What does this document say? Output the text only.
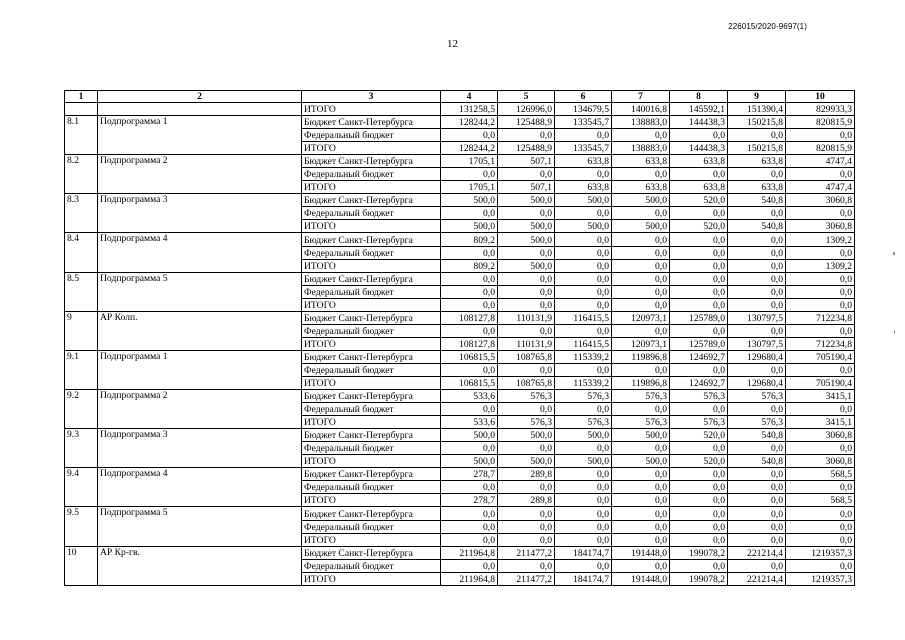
226015/2020-9697(1)
12
1	2	3	4	5	6	7	8	9	10
		ИТОГО	131258,5	126996,0	134679,5	140016,8	145592,1	151390,4	829933,3
8.1	Подпрограмма 1	Бюджет Санкт-Петербурга	128244,2	125488,9	133545,7	138883,0	144438,3	150215,8	820815,9
		Федеральный бюджет	0,0	0,0	0,0	0,0	0,0	0,0	0,0
		ИТОГО	128244,2	125488,9	133545,7	138883,0	144438,3	150215,8	820815,9
8.2	Подпрограмма 2	Бюджет Санкт-Петербурга	1705,1	507,1	633,8	633,8	633,8	633,8	4747,4
		Федеральный бюджет	0,0	0,0	0,0	0,0	0,0	0,0	0,0
		ИТОГО	1705,1	507,1	633,8	633,8	633,8	633,8	4747,4
8.3	Подпрограмма 3	Бюджет Санкт-Петербурга	500,0	500,0	500,0	500,0	520,0	540,8	3060,8
		Федеральный бюджет	0,0	0,0	0,0	0,0	0,0	0,0	0,0
		ИТОГО	500,0	500,0	500,0	500,0	520,0	540,8	3060,8
8.4	Подпрограмма 4	Бюджет Санкт-Петербурга	809,2	500,0	0,0	0,0	0,0	0,0	1309,2
		Федеральный бюджет	0,0	0,0	0,0	0,0	0,0	0,0	0,0
		ИТОГО	809,2	500,0	0,0	0,0	0,0	0,0	1309,2
8.5	Подпрограмма 5	Бюджет Санкт-Петербурга	0,0	0,0	0,0	0,0	0,0	0,0	0,0
		Федеральный бюджет	0,0	0,0	0,0	0,0	0,0	0,0	0,0
		ИТОГО	0,0	0,0	0,0	0,0	0,0	0,0	0,0
9	АР Колп.	Бюджет Санкт-Петербурга	108127,8	110131,9	116415,5	120973,1	125789,0	130797,5	712234,8
		Федеральный бюджет	0,0	0,0	0,0	0,0	0,0	0,0	0,0
		ИТОГО	108127,8	110131,9	116415,5	120973,1	125789,0	130797,5	712234,8
9.1	Подпрограмма 1	Бюджет Санкт-Петербурга	106815,5	108765,8	115339,2	119896,8	124692,7	129680,4	705190,4
		Федеральный бюджет	0,0	0,0	0,0	0,0	0,0	0,0	0,0
		ИТОГО	106815,5	108765,8	115339,2	119896,8	124692,7	129680,4	705190,4
9.2	Подпрограмма 2	Бюджет Санкт-Петербурга	533,6	576,3	576,3	576,3	576,3	576,3	3415,1
		Федеральный бюджет	0,0	0,0	0,0	0,0	0,0	0,0	0,0
		ИТОГО	533,6	576,3	576,3	576,3	576,3	576,3	3415,1
9.3	Подпрограмма 3	Бюджет Санкт-Петербурга	500,0	500,0	500,0	500,0	520,0	540,8	3060,8
		Федеральный бюджет	0,0	0,0	0,0	0,0	0,0	0,0	0,0
		ИТОГО	500,0	500,0	500,0	500,0	520,0	540,8	3060,8
9.4	Подпрограмма 4	Бюджет Санкт-Петербурга	278,7	289,8	0,0	0,0	0,0	0,0	568,5
		Федеральный бюджет	0,0	0,0	0,0	0,0	0,0	0,0	0,0
		ИТОГО	278,7	289,8	0,0	0,0	0,0	0,0	568,5
9.5	Подпрограмма 5	Бюджет Санкт-Петербурга	0,0	0,0	0,0	0,0	0,0	0,0	0,0
		Федеральный бюджет	0,0	0,0	0,0	0,0	0,0	0,0	0,0
		ИТОГО	0,0	0,0	0,0	0,0	0,0	0,0	0,0
10	АР Кр-гв.	Бюджет Санкт-Петербурга	211964,8	211477,2	184174,7	191448,0	199078,2	221214,4	1219357,3
		Федеральный бюджет	0,0	0,0	0,0	0,0	0,0	0,0	0,0
		ИТОГО	211964,8	211477,2	184174,7	191448,0	199078,2	221214,4	1219357,3
